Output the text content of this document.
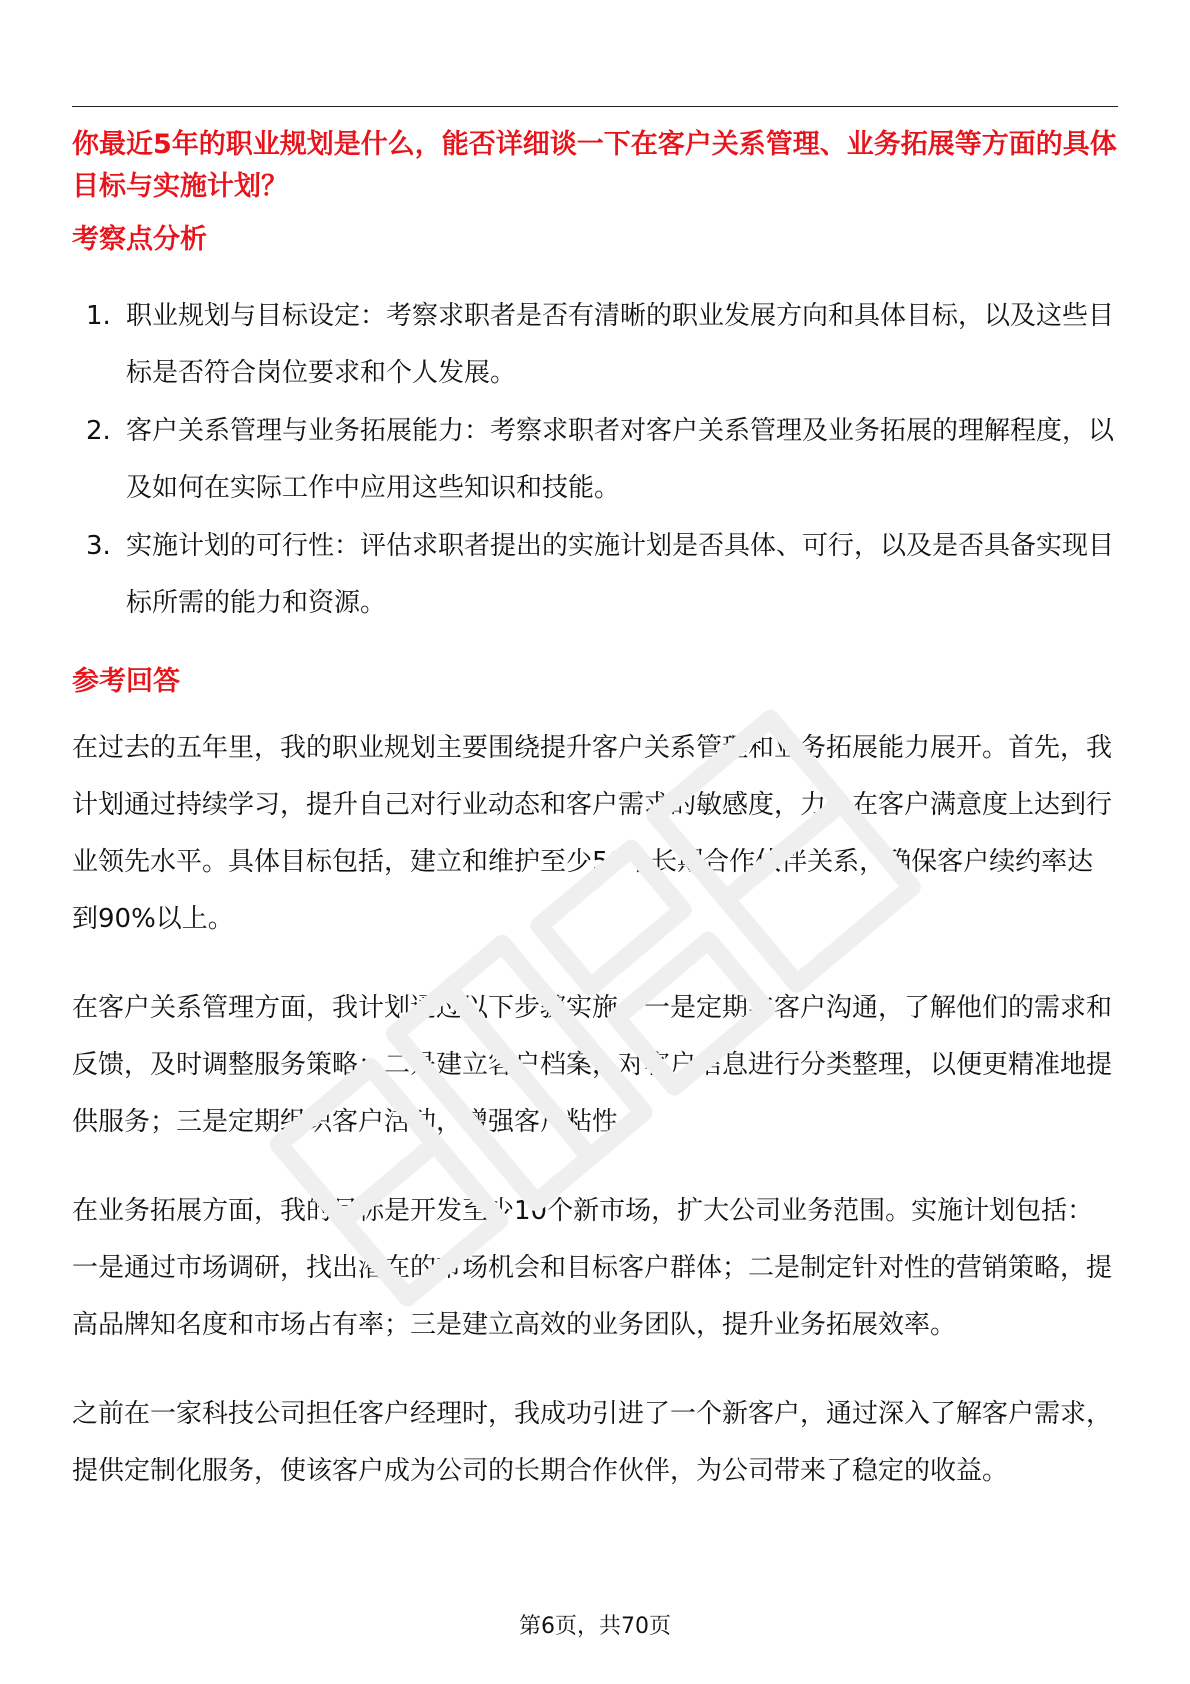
你最近5年的职业规划是什么，能否详细谈一下在客户关系管理、业务拓展等方面的具体目标与实施计划？
考察点分析
1. 职业规划与目标设定：考察求职者是否有清晰的职业发展方向和具体目标，以及这些目标是否符合岗位要求和个人发展。
2. 客户关系管理与业务拓展能力：考察求职者对客户关系管理及业务拓展的理解程度，以及如何在实际工作中应用这些知识和技能。
3. 实施计划的可行性：评估求职者提出的实施计划是否具体、可行，以及是否具备实现目标所需的能力和资源。
参考回答

在过去的五年里，我的职业规划主要围绕提升客户关系管理和业务拓展能力展开。首先，我计划通过持续学习，提升自己对行业动态和客户需求的敏感度，力争在客户满意度上达到行业领先水平。具体目标包括，建立和维护至少50个长期合作伙伴关系，确保客户续约率达到90%以上。

在客户关系管理方面，我计划通过以下步骤实施：一是定期与客户沟通，了解他们的需求和反馈，及时调整服务策略；二是建立客户档案，对客户信息进行分类整理，以便更精准地提供服务；三是定期组织客户活动，增强客户粘性。

在业务拓展方面，我的目标是开发至少10个新市场，扩大公司业务范围。实施计划包括：一是通过市场调研，找出潜在的市场机会和目标客户群体；二是制定针对性的营销策略，提高品牌知名度和市场占有率；三是建立高效的业务团队，提升业务拓展效率。

之前在一家科技公司担任客户经理时，我成功引进了一个新客户，通过深入了解客户需求，提供定制化服务，使该客户成为公司的长期合作伙伴，为公司带来了稳定的收益。

第6页，共70页
